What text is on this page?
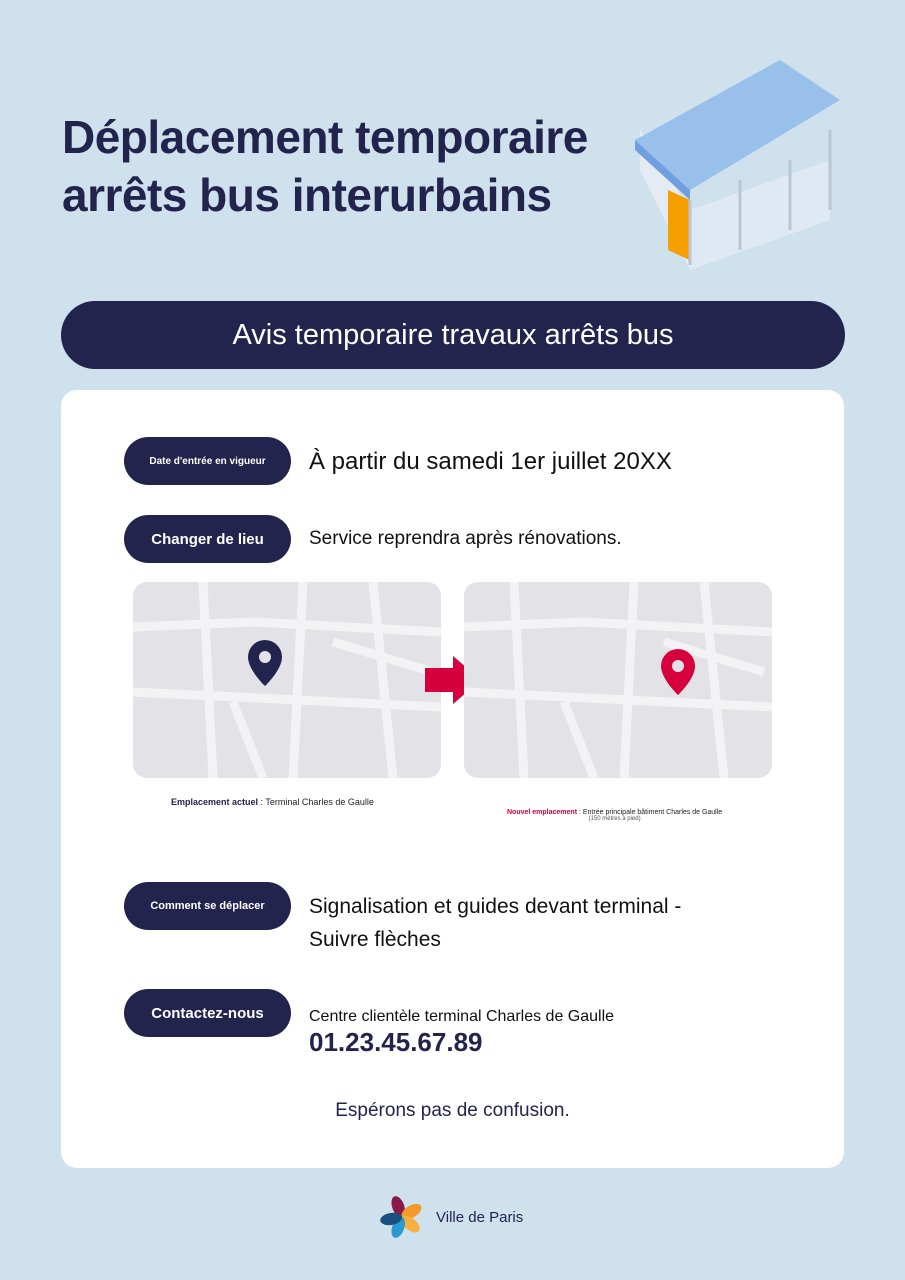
Déplacement temporaire
arrêts bus interurbains
Avis temporaire travaux arrêts bus
Date d'entrée en vigueur	À partir du samedi 1er juillet 20XX
Changer de lieu	Service reprendra après rénovations.
Emplacement actuel : Terminal Charles de Gaulle
Nouvel emplacement : Entrée principale bâtiment Charles de Gaulle
(150 mètres à pied)
Comment se déplacer	Signalisation et guides devant terminal -
Suivre flèches
Contactez-nous	Centre clientèle terminal Charles de Gaulle
01.23.45.67.89
Espérons pas de confusion.
Ville de Paris
